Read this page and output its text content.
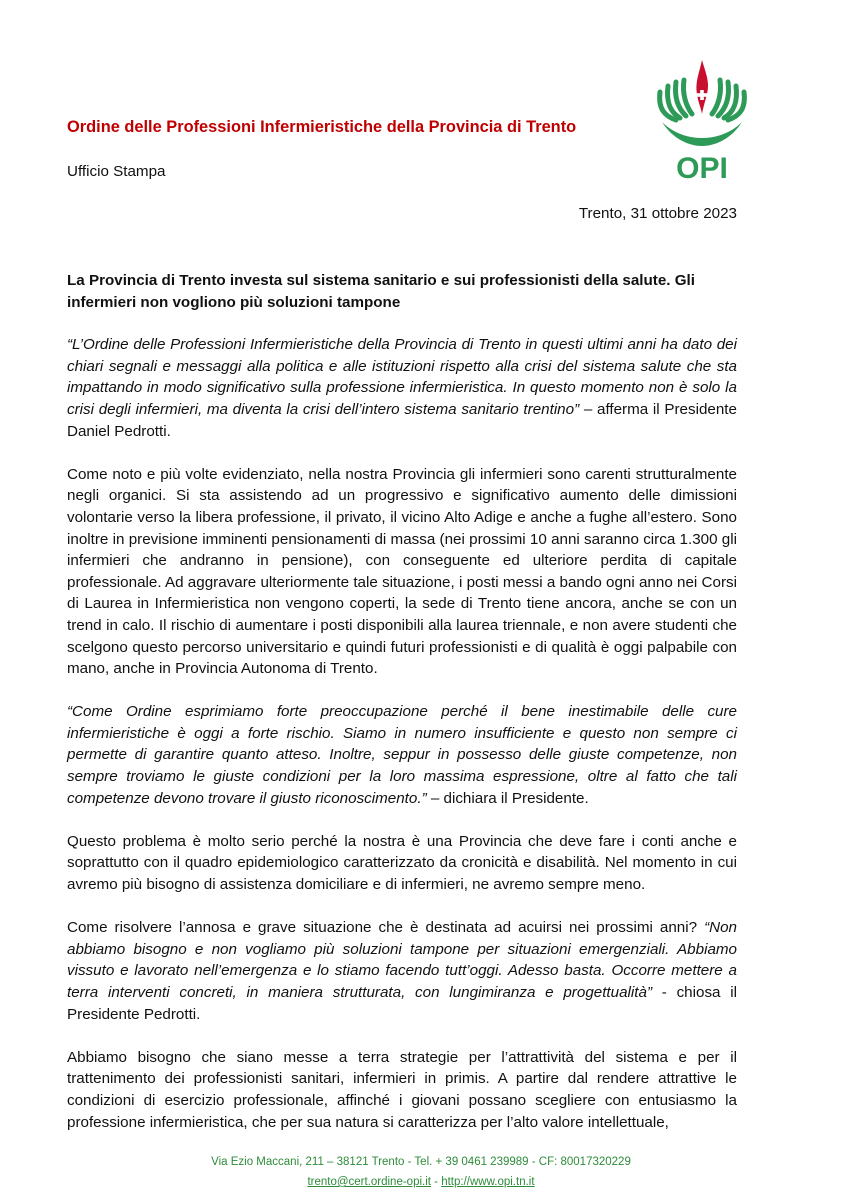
Ordine delle Professioni Infermieristiche della Provincia di Trento
Ufficio Stampa
Trento, 31 ottobre 2023
OPI
La Provincia di Trento investa sul sistema sanitario e sui professionisti della salute. Gli infermieri non vogliono più soluzioni tampone
“L’Ordine delle Professioni Infermieristiche della Provincia di Trento in questi ultimi anni ha dato dei chiari segnali e messaggi alla politica e alle istituzioni rispetto alla crisi del sistema salute che sta impattando in modo significativo sulla professione infermieristica. In questo momento non è solo la crisi degli infermieri, ma diventa la crisi dell’intero sistema sanitario trentino” – afferma il Presidente Daniel Pedrotti.
Come noto e più volte evidenziato, nella nostra Provincia gli infermieri sono carenti strutturalmente negli organici. Si sta assistendo ad un progressivo e significativo aumento delle dimissioni volontarie verso la libera professione, il privato, il vicino Alto Adige e anche a fughe all’estero. Sono inoltre in previsione imminenti pensionamenti di massa (nei prossimi 10 anni saranno circa 1.300 gli infermieri che andranno in pensione), con conseguente ed ulteriore perdita di capitale professionale. Ad aggravare ulteriormente tale situazione, i posti messi a bando ogni anno nei Corsi di Laurea in Infermieristica non vengono coperti, la sede di Trento tiene ancora, anche se con un trend in calo. Il rischio di aumentare i posti disponibili alla laurea triennale, e non avere studenti che scelgono questo percorso universitario e quindi futuri professionisti e di qualità è oggi palpabile con mano, anche in Provincia Autonoma di Trento.
“Come Ordine esprimiamo forte preoccupazione perché il bene inestimabile delle cure infermieristiche è oggi a forte rischio. Siamo in numero insufficiente e questo non sempre ci permette di garantire quanto atteso. Inoltre, seppur in possesso delle giuste competenze, non sempre troviamo le giuste condizioni per la loro massima espressione, oltre al fatto che tali competenze devono trovare il giusto riconoscimento.” – dichiara il Presidente.
Questo problema è molto serio perché la nostra è una Provincia che deve fare i conti anche e soprattutto con il quadro epidemiologico caratterizzato da cronicità e disabilità. Nel momento in cui avremo più bisogno di assistenza domiciliare e di infermieri, ne avremo sempre meno.
Come risolvere l’annosa e grave situazione che è destinata ad acuirsi nei prossimi anni? “Non abbiamo bisogno e non vogliamo più soluzioni tampone per situazioni emergenziali. Abbiamo vissuto e lavorato nell’emergenza e lo stiamo facendo tutt’oggi. Adesso basta. Occorre mettere a terra interventi concreti, in maniera strutturata, con lungimiranza e progettualità” - chiosa il Presidente Pedrotti.
Abbiamo bisogno che siano messe a terra strategie per l’attrattività del sistema e per il trattenimento dei professionisti sanitari, infermieri in primis. A partire dal rendere attrattive le condizioni di esercizio professionale, affinché i giovani possano scegliere con entusiasmo la professione infermieristica, che per sua natura si caratterizza per l’alto valore intellettuale,
Via Ezio Maccani, 211 – 38121 Trento - Tel. + 39 0461 239989 - CF: 80017320229
trento@cert.ordine-opi.it - http://www.opi.tn.it
